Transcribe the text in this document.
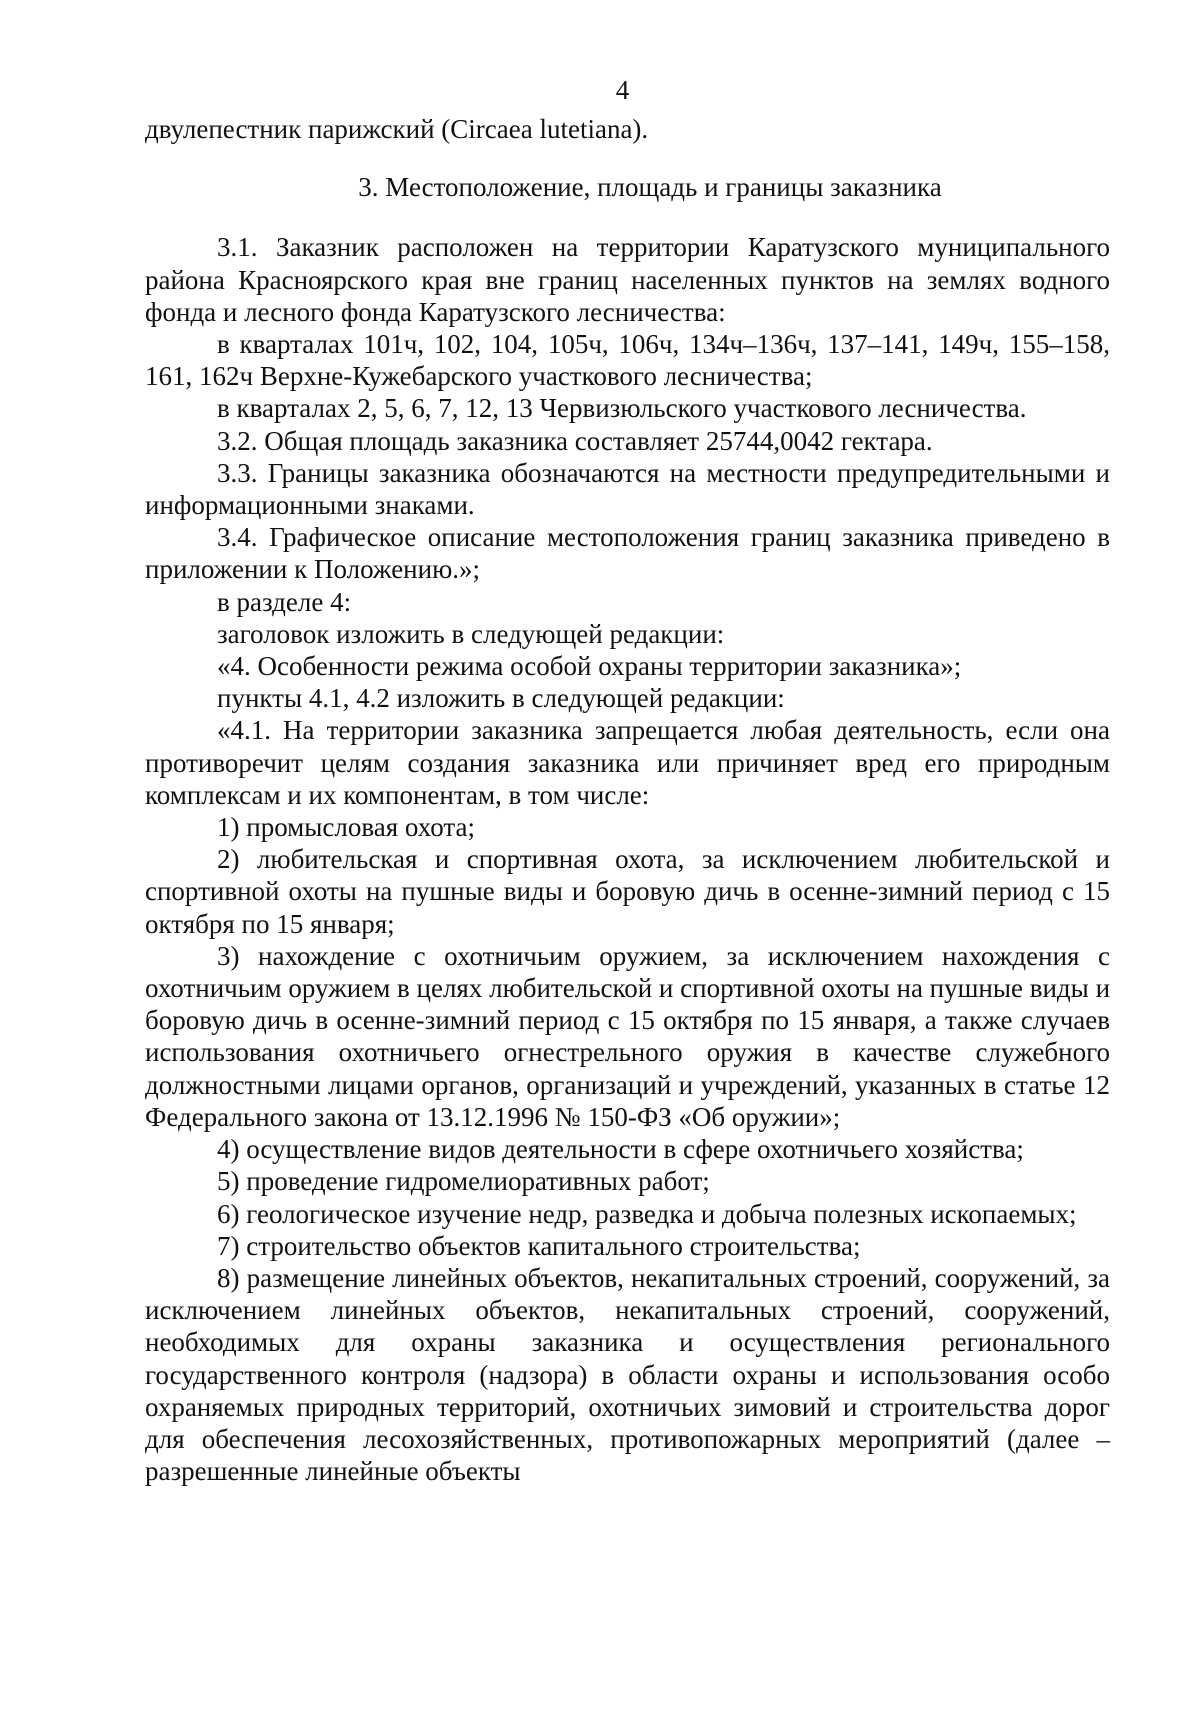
4

двулепестник парижский (Circaea lutetiana).

3. Местоположение, площадь и границы заказника

3.1. Заказник расположен на территории Каратузского муниципального района Красноярского края вне границ населенных пунктов на землях водного фонда и лесного фонда Каратузского лесничества:

в кварталах 101ч, 102, 104, 105ч, 106ч, 134ч–136ч, 137–141, 149ч, 155–158, 161, 162ч Верхне-Кужебарского участкового лесничества;

в кварталах 2, 5, 6, 7, 12, 13 Червизюльского участкового лесничества.

3.2. Общая площадь заказника составляет 25744,0042 гектара.

3.3. Границы заказника обозначаются на местности предупредительными и информационными знаками.

3.4. Графическое описание местоположения границ заказника приведено в приложении к Положению.»;

в разделе 4:

заголовок изложить в следующей редакции:

«4. Особенности режима особой охраны территории заказника»;

пункты 4.1, 4.2 изложить в следующей редакции:

«4.1. На территории заказника запрещается любая деятельность, если она противоречит целям создания заказника или причиняет вред его природным комплексам и их компонентам, в том числе:

1) промысловая охота;

2) любительская и спортивная охота, за исключением любительской и спортивной охоты на пушные виды и боровую дичь в осенне-зимний период с 15 октября по 15 января;

3) нахождение с охотничьим оружием, за исключением нахождения с охотничьим оружием в целях любительской и спортивной охоты на пушные виды и боровую дичь в осенне-зимний период с 15 октября по 15 января, а также случаев использования охотничьего огнестрельного оружия в качестве служебного должностными лицами органов, организаций и учреждений, указанных в статье 12 Федерального закона от 13.12.1996 № 150-ФЗ «Об оружии»;

4) осуществление видов деятельности в сфере охотничьего хозяйства;

5) проведение гидромелиоративных работ;

6) геологическое изучение недр, разведка и добыча полезных ископаемых;

7) строительство объектов капитального строительства;

8) размещение линейных объектов, некапитальных строений, сооружений, за исключением линейных объектов, некапитальных строений, сооружений, необходимых для охраны заказника и осуществления регионального государственного контроля (надзора) в области охраны и использования особо охраняемых природных территорий, охотничьих зимовий и строительства дорог для обеспечения лесохозяйственных, противопожарных мероприятий (далее – разрешенные линейные объекты
